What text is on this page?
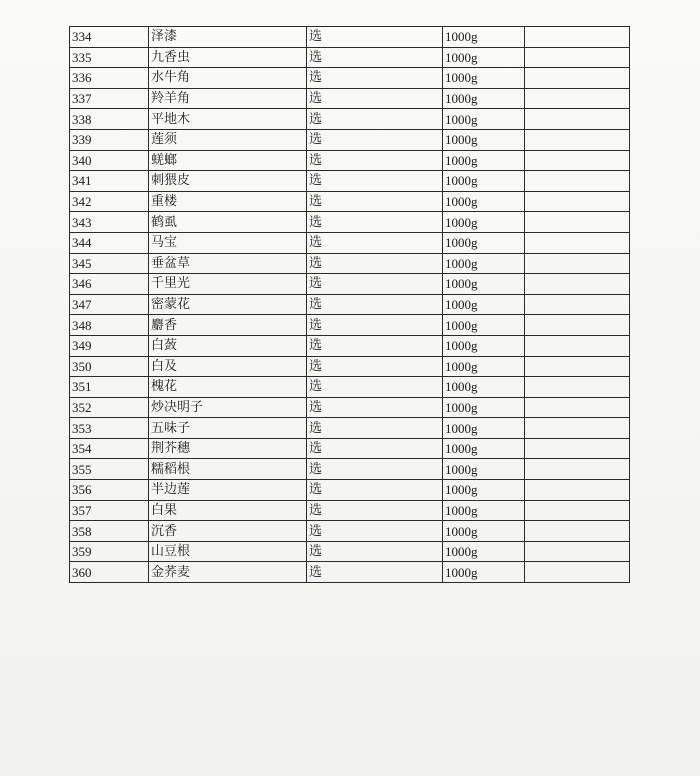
334	泽漆	选	1000g	
335	九香虫	选	1000g	
336	水牛角	选	1000g	
337	羚羊角	选	1000g	
338	平地木	选	1000g	
339	莲须	选	1000g	
340	蜣螂	选	1000g	
341	刺猥皮	选	1000g	
342	重楼	选	1000g	
343	鹤虱	选	1000g	
344	马宝	选	1000g	
345	垂盆草	选	1000g	
346	千里光	选	1000g	
347	密蒙花	选	1000g	
348	麝香	选	1000g	
349	白蔹	选	1000g	
350	白及	选	1000g	
351	槐花	选	1000g	
352	炒决明子	选	1000g	
353	五味子	选	1000g	
354	荆芥穗	选	1000g	
355	糯稻根	选	1000g	
356	半边莲	选	1000g	
357	白果	选	1000g	
358	沉香	选	1000g	
359	山豆根	选	1000g	
360	金荞麦	选	1000g	
